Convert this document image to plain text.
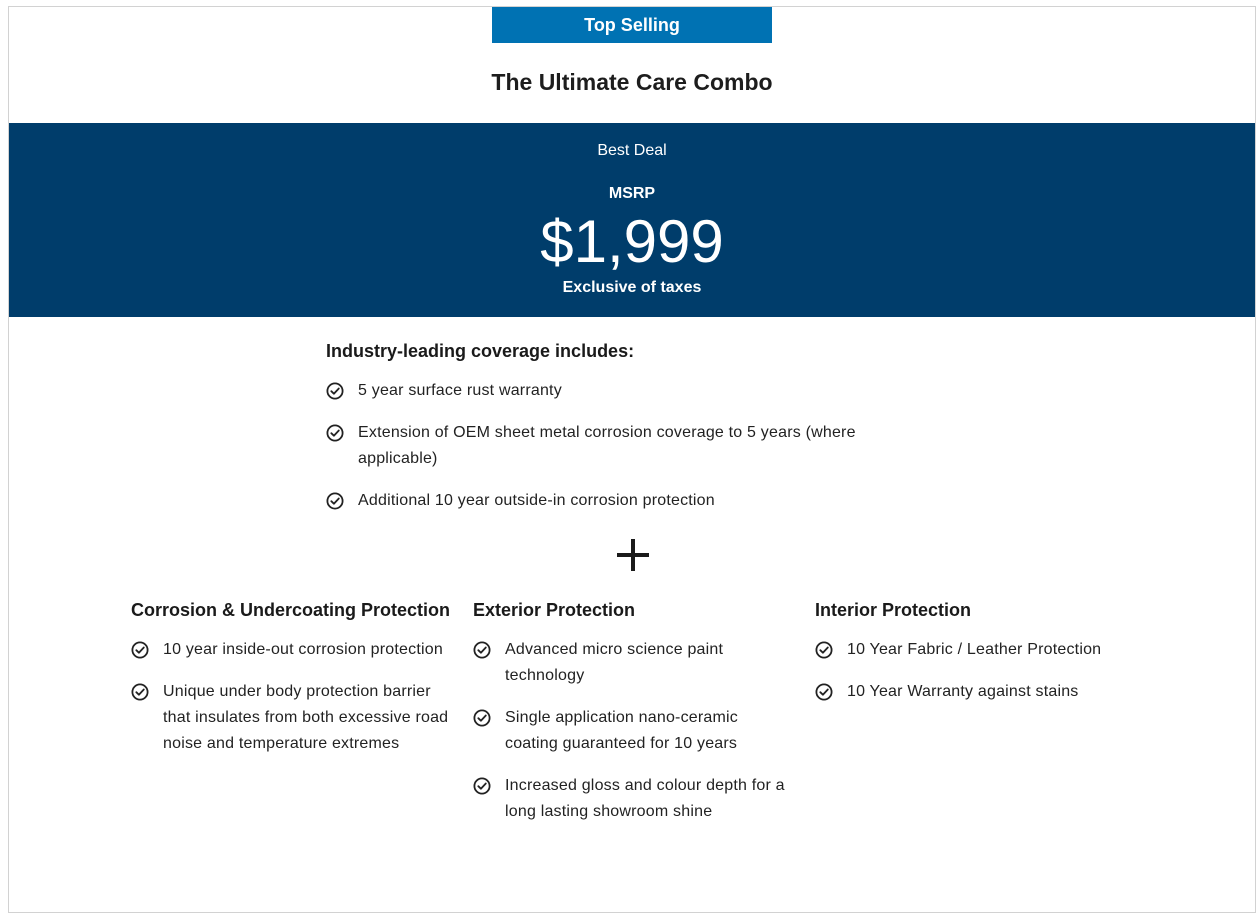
Top Selling
The Ultimate Care Combo
Best Deal
MSRP
$1,999
Exclusive of taxes
Industry-leading coverage includes:
5 year surface rust warranty
Extension of OEM sheet metal corrosion coverage to 5 years (where applicable)
Additional 10 year outside-in corrosion protection
Corrosion & Undercoating Protection
10 year inside-out corrosion protection
Unique under body protection barrier that insulates from both excessive road noise and temperature extremes
Exterior Protection
Advanced micro science paint technology
Single application nano-ceramic coating guaranteed for 10 years
Increased gloss and colour depth for a long lasting showroom shine
Interior Protection
10 Year Fabric / Leather Protection
10 Year Warranty against stains
